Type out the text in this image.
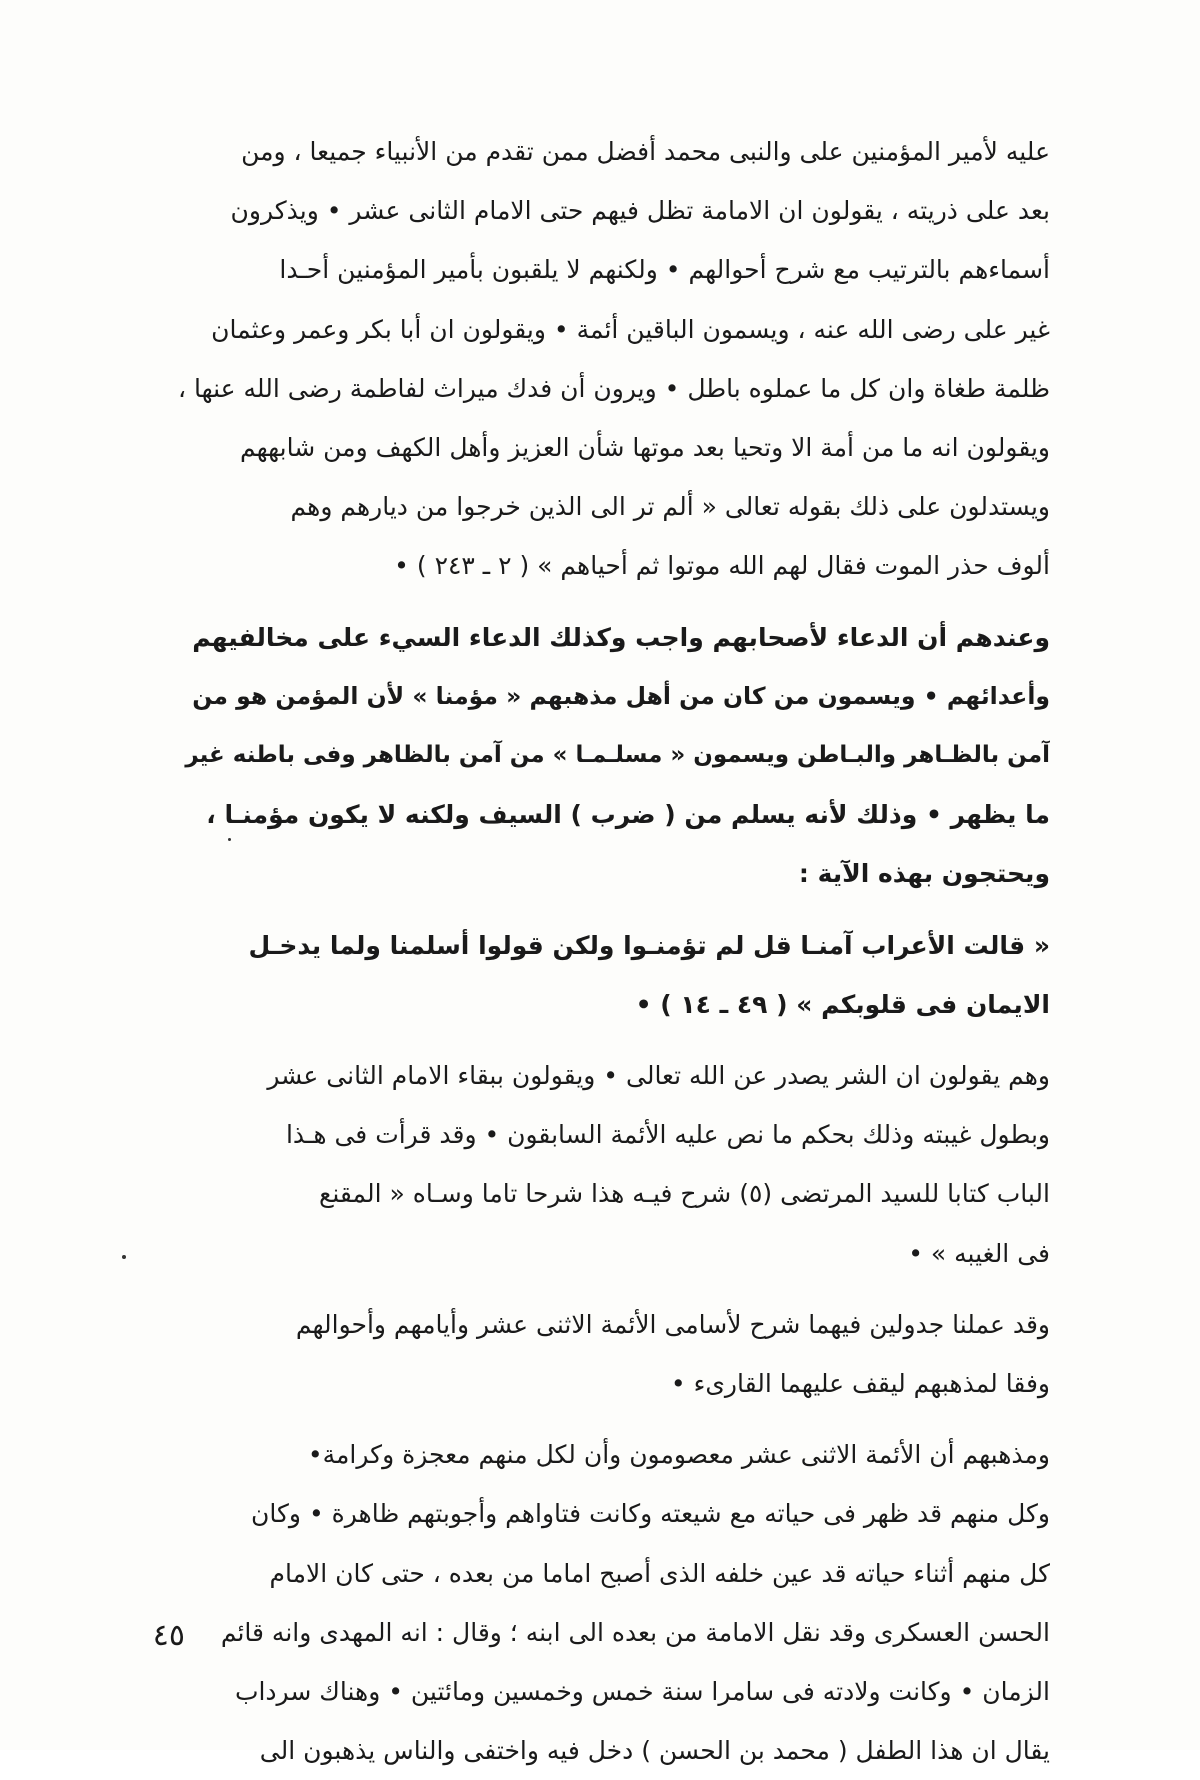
عليه لأمير المؤمنين على والنبى محمد أفضل ممن تقدم من الأنبياء جميعا ، ومن
بعد على ذريته ، يقولون ان الامامة تظل فيهم حتى الامام الثانى عشر • ويذكرون
أسماءهم بالترتيب مع شرح أحوالهم • ولكنهم لا يلقبون بأمير المؤمنين أحـدا
غير على رضى الله عنه ، ويسمون الباقين أئمة • ويقولون ان أبا بكر وعمر وعثمان
ظلمة طغاة وان كل ما عملوه باطل • ويرون أن فدك ميراث لفاطمة رضى الله عنها ،
ويقولون انه ما من أمة الا وتحيا بعد موتها شأن العزيز وأهل الكهف ومن شابههم
ويستدلون على ذلك بقوله تعالى « ألم تر الى الذين خرجوا من ديارهم وهم
ألوف حذر الموت فقال لهم الله موتوا ثم أحياهم » ( ٢ ـ ٢٤٣ ) •

وعندهم أن الدعاء لأصحابهم واجب وكذلك الدعاء السيء على مخالفيهم
وأعدائهم • ويسمون من كان من أهل مذهبهم « مؤمنا » لأن المؤمن هو من
آمن بالظـاهر والبـاطن ويسمون « مسلـمـا » من آمن بالظاهر وفى باطنه غير
ما يظهر • وذلك لأنه يسلم من ( ضرب ) السيف ولكنه لا يكون مؤمنـا ،
ويحتجون بهذه الآية :

« قالت الأعراب آمنـا قل لم تؤمنـوا ولكن قولوا أسلمنا ولما يدخـل
الايمان فى قلوبكم » ( ٤٩ ـ ١٤ ) •

وهم يقولون ان الشر يصدر عن الله تعالى • ويقولون ببقاء الامام الثانى عشر
وبطول غيبته وذلك بحكم ما نص عليه الأئمة السابقون • وقد قرأت فى هـذا
الباب كتابا للسيد المرتضى (٥) شرح فيـه هذا شرحا تاما وسـاه « المقنع
فى الغيبه » •

وقد عملنا جدولين فيهما شرح لأسامى الأئمة الاثنى عشر وأيامهم وأحوالهم
وفقا لمذهبهم ليقف عليهما القارىء •

ومذهبهم أن الأئمة الاثنى عشر معصومون وأن لكل منهم معجزة وكرامة•
وكل منهم قد ظهر فى حياته مع شيعته وكانت فتاواهم وأجوبتهم ظاهرة • وكان
كل منهم أثناء حياته قد عين خلفه الذى أصبح اماما من بعده ، حتى كان الامام
الحسن العسكرى وقد نقل الامامة من بعده الى ابنه ؛ وقال : انه المهدى وانه قائم
الزمان • وكانت ولادته فى سامرا سنة خمس وخمسين ومائتين • وهناك سرداب
يقال ان هذا الطفل ( محمد بن الحسن ) دخل فيه واختفى والناس يذهبون الى

٤٥
